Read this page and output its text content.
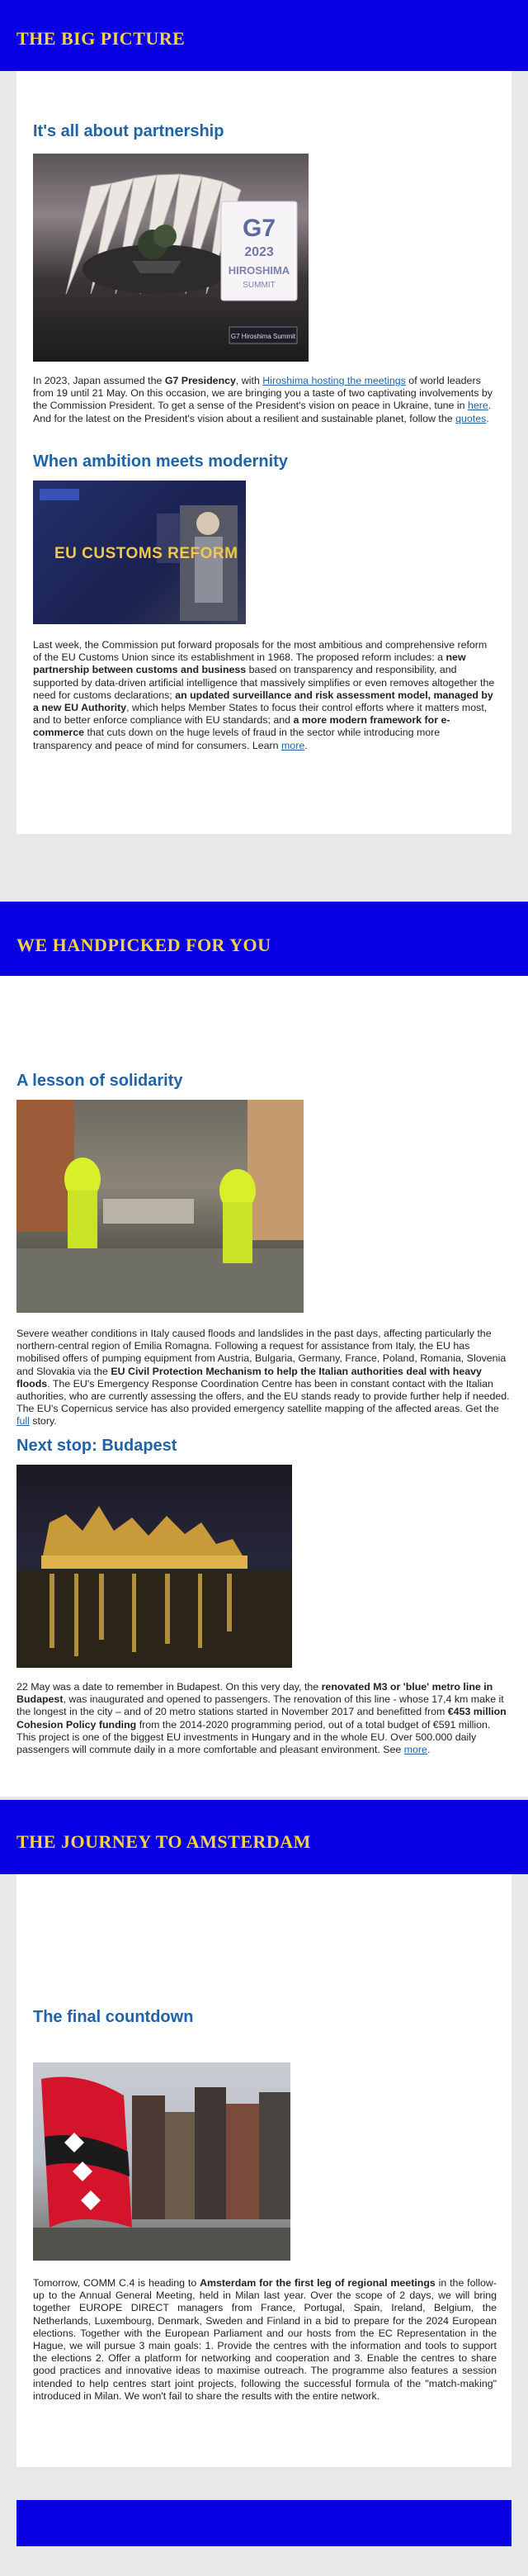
THE BIG PICTURE
It's all about partnership
G7
2023
HIROSHIMA
SUMMIT
G7 Hiroshima Summit

In 2023, Japan assumed the G7 Presidency, with Hiroshima hosting the meetings of world leaders from 19 until 21 May. On this occasion, we are bringing you a taste of two captivating involvements by the Commission President. To get a sense of the President's vision on peace in Ukraine, tune in here. And for the latest on the President's vision about a resilient and sustainable planet, follow the quotes.

When ambition meets modernity
EU CUSTOMS REFORM

Last week, the Commission put forward proposals for the most ambitious and comprehensive reform of the EU Customs Union since its establishment in 1968. The proposed reform includes: a new partnership between customs and business based on transparency and responsibility, and supported by data-driven artificial intelligence that massively simplifies or even removes altogether the need for customs declarations; an updated surveillance and risk assessment model, managed by a new EU Authority, which helps Member States to focus their control efforts where it matters most, and to better enforce compliance with EU standards; and a more modern framework for e-commerce that cuts down on the huge levels of fraud in the sector while introducing more transparency and peace of mind for consumers. Learn more.

WE HANDPICKED FOR YOU
A lesson of solidarity

Severe weather conditions in Italy caused floods and landslides in the past days, affecting particularly the northern-central region of Emilia Romagna. Following a request for assistance from Italy, the EU has mobilised offers of pumping equipment from Austria, Bulgaria, Germany, France, Poland, Romania, Slovenia and Slovakia via the EU Civil Protection Mechanism to help the Italian authorities deal with heavy floods. The EU's Emergency Response Coordination Centre has been in constant contact with the Italian authorities, who are currently assessing the offers, and the EU stands ready to provide further help if needed. The EU's Copernicus service has also provided emergency satellite mapping of the affected areas. Get the full story.

Next stop: Budapest

22 May was a date to remember in Budapest. On this very day, the renovated M3 or 'blue' metro line in Budapest, was inaugurated and opened to passengers. The renovation of this line - whose 17,4 km make it the longest in the city – and of 20 metro stations started in November 2017 and benefitted from €453 million Cohesion Policy funding from the 2014-2020 programming period, out of a total budget of €591 million. This project is one of the biggest EU investments in Hungary and in the whole EU. Over 500.000 daily passengers will commute daily in a more comfortable and pleasant environment. See more.

THE JOURNEY TO AMSTERDAM
The final countdown

Tomorrow, COMM C.4 is heading to Amsterdam for the first leg of regional meetings in the follow-up to the Annual General Meeting, held in Milan last year. Over the scope of 2 days, we will bring together EUROPE DIRECT managers from France, Portugal, Spain, Ireland, Belgium, the Netherlands, Luxembourg, Denmark, Sweden and Finland in a bid to prepare for the 2024 European elections. Together with the European Parliament and our hosts from the EC Representation in the Hague, we will pursue 3 main goals: 1. Provide the centres with the information and tools to support the elections 2. Offer a platform for networking and cooperation and 3. Enable the centres to share good practices and innovative ideas to maximise outreach. The programme also features a session intended to help centres start joint projects, following the successful formula of the "match-making" introduced in Milan. We won't fail to share the results with the entire network.
